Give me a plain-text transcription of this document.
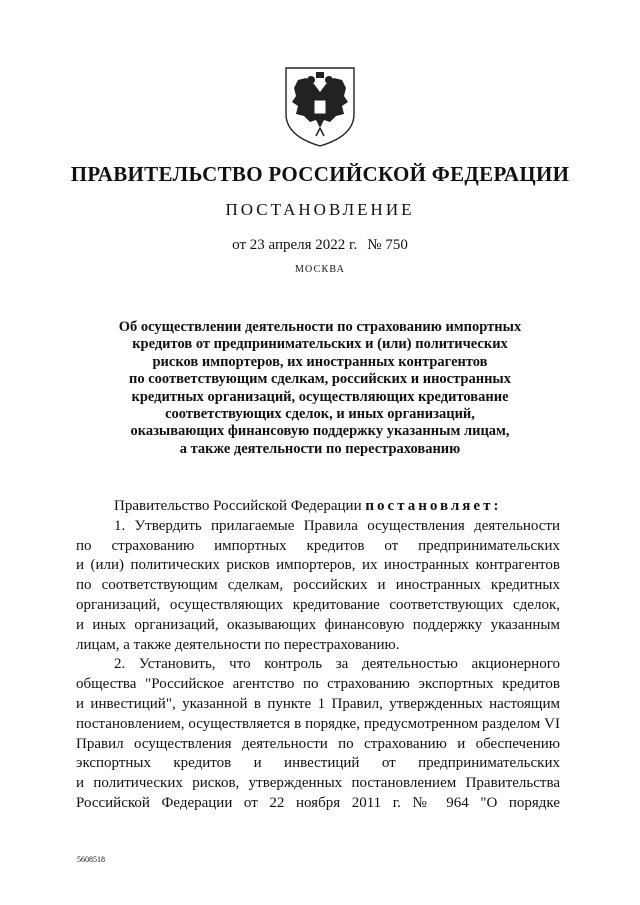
ПРАВИТЕЛЬСТВО РОССИЙСКОЙ ФЕДЕРАЦИИ
ПОСТАНОВЛЕНИЕ
от 23 апреля 2022 г. № 750
МОСКВА
Об осуществлении деятельности по страхованию импортных
кредитов от предпринимательских и (или) политических
рисков импортеров, их иностранных контрагентов
по соответствующим сделкам, российских и иностранных
кредитных организаций, осуществляющих кредитование
соответствующих сделок, и иных организаций,
оказывающих финансовую поддержку указанным лицам,
а также деятельности по перестрахованию
Правительство Российской Федерации постановляет:
1. Утвердить прилагаемые Правила осуществления деятельности
по страхованию импортных кредитов от предпринимательских
и (или) политических рисков импортеров, их иностранных контрагентов
по соответствующим сделкам, российских и иностранных кредитных
организаций, осуществляющих кредитование соответствующих сделок,
и иных организаций, оказывающих финансовую поддержку указанным
лицам, а также деятельности по перестрахованию.
2. Установить, что контроль за деятельностью акционерного
общества "Российское агентство по страхованию экспортных кредитов
и инвестиций", указанной в пункте 1 Правил, утвержденных настоящим
постановлением, осуществляется в порядке, предусмотренном разделом VI
Правил осуществления деятельности по страхованию и обеспечению
экспортных кредитов и инвестиций от предпринимательских
и политических рисков, утвержденных постановлением Правительства
Российской Федерации от 22 ноября 2011 г. № 964 "О порядке
5608518
